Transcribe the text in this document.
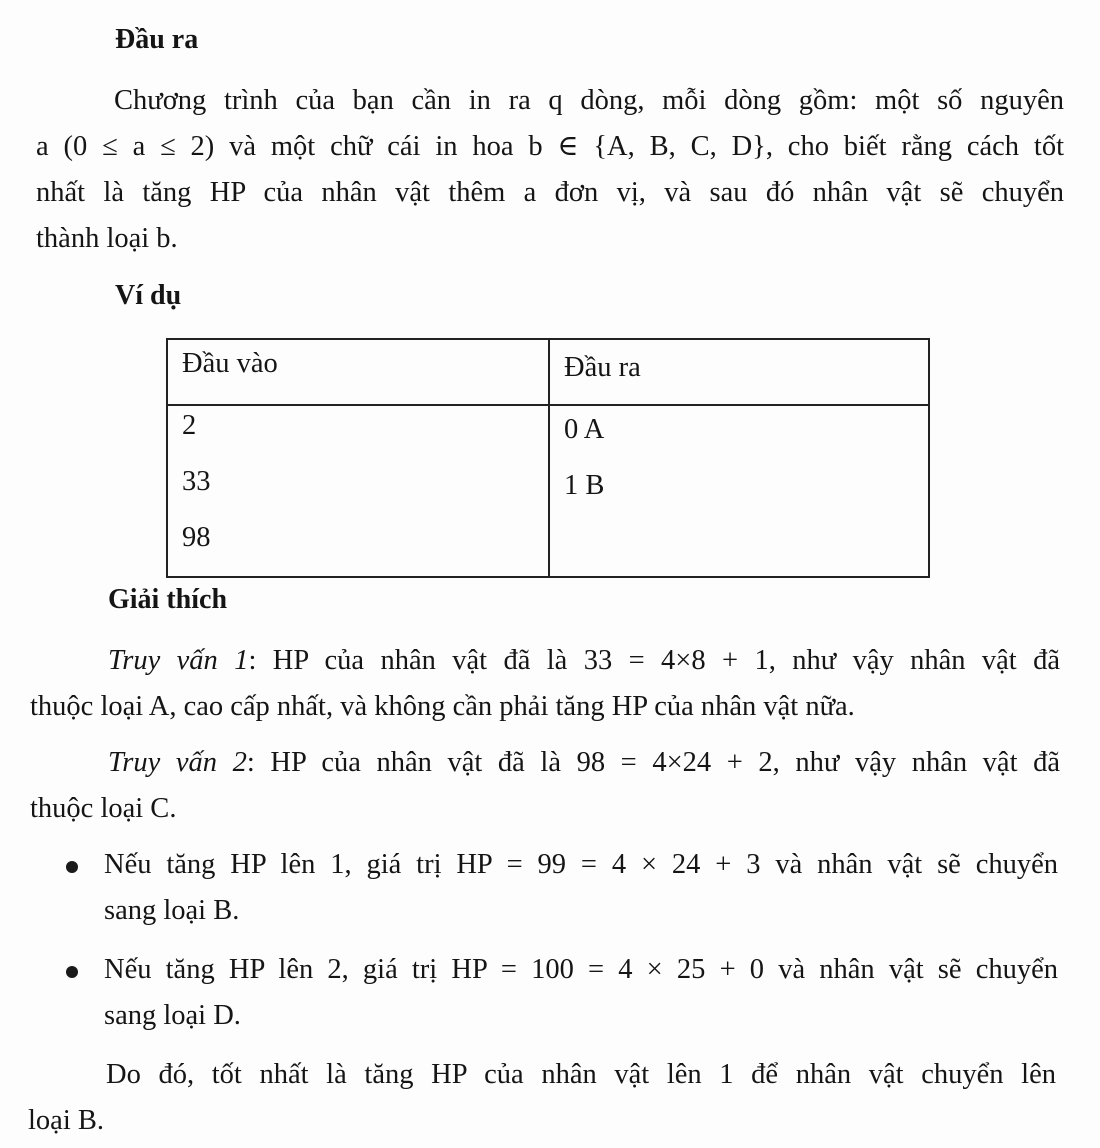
Đầu ra
Chương trình của bạn cần in ra q dòng, mỗi dòng gồm: một số nguyên
a (0 ≤ a ≤ 2) và một chữ cái in hoa b ∈ {A, B, C, D}, cho biết rằng cách tốt
nhất là tăng HP của nhân vật thêm a đơn vị, và sau đó nhân vật sẽ chuyển
thành loại b.
Ví dụ
Đầu vào	Đầu ra
2
33
98
0 A
1 B
Giải thích
Truy vấn 1: HP của nhân vật đã là 33 = 4×8 + 1, như vậy nhân vật đã
thuộc loại A, cao cấp nhất, và không cần phải tăng HP của nhân vật nữa.
Truy vấn 2: HP của nhân vật đã là 98 = 4×24 + 2, như vậy nhân vật đã
thuộc loại C.
Nếu tăng HP lên 1, giá trị HP = 99 = 4 × 24 + 3 và nhân vật sẽ chuyển
sang loại B.
Nếu tăng HP lên 2, giá trị HP = 100 = 4 × 25 + 0 và nhân vật sẽ chuyển
sang loại D.
Do đó, tốt nhất là tăng HP của nhân vật lên 1 để nhân vật chuyển lên
loại B.
